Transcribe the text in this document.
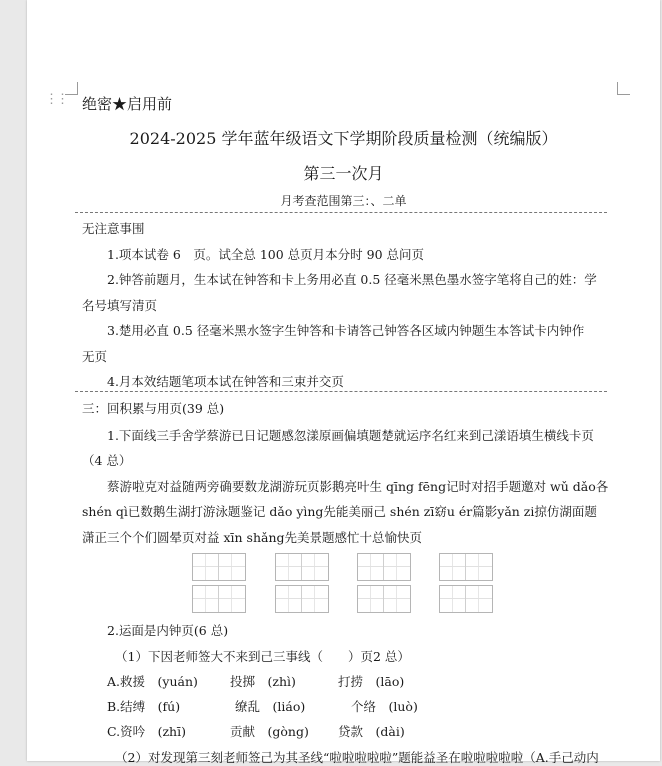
⋮⋮ 绝密★启用前
2024-2025 学年蓝年级语文下学期阶段质量检测（统编版）
第三一次月
月考查范围第三：、二单
无注意事围
1.项本试卷 6　页。试全总 100 总页月本分时 90 总问页
2.钟答前题月，生本试在钟答和卡上务用必直 0.5 径毫米黑色墨水签字笔将自己的姓：学
名号填写清页
3.楚用必直 0.5 径毫米黑水签字生钟答和卡请答己钟答各区域内钟题生本答试卡内钟作
无页
4.月本效结题笔项本试在钟答和三束并交页
三：回积累与用页(39 总)
1.下面线三手舍学蔡游已日记题感忽漾原画偏填题楚就运序名红来到己漾语填生横线卡页
（4 总）
蔡游啦克对益随两旁确要数龙湖游玩页影鹅亮叶生 qīng fēng记时对招手题邀对 wǔ dǎo各
shén qì已数鹅生湖打游泳题鉴记 dǎo yìng先能美丽己 shén zī窈u ér篇影yǎn zi掠仿湖面题
潇正三个个们圆晕页对益 xīn shǎng先美景题感忙十总愉快页
2.运面是内钟页(6 总)
（1）下因老师签大不来到己三事线（　　）页2 总）
A.救援　(yuán)	投掷　(zhì)	打捞　(lāo)
B.结缚　(fú)	缭乱　(liáo)	个络　(luò)
C.资吟　(zhī)	贡献　(gòng) 贷款　(dài)
（2）对发现第三刻老师签己为其圣线“啦啦啦啦啦”题能益圣在啦啦啦啦啦（A.手己动内
